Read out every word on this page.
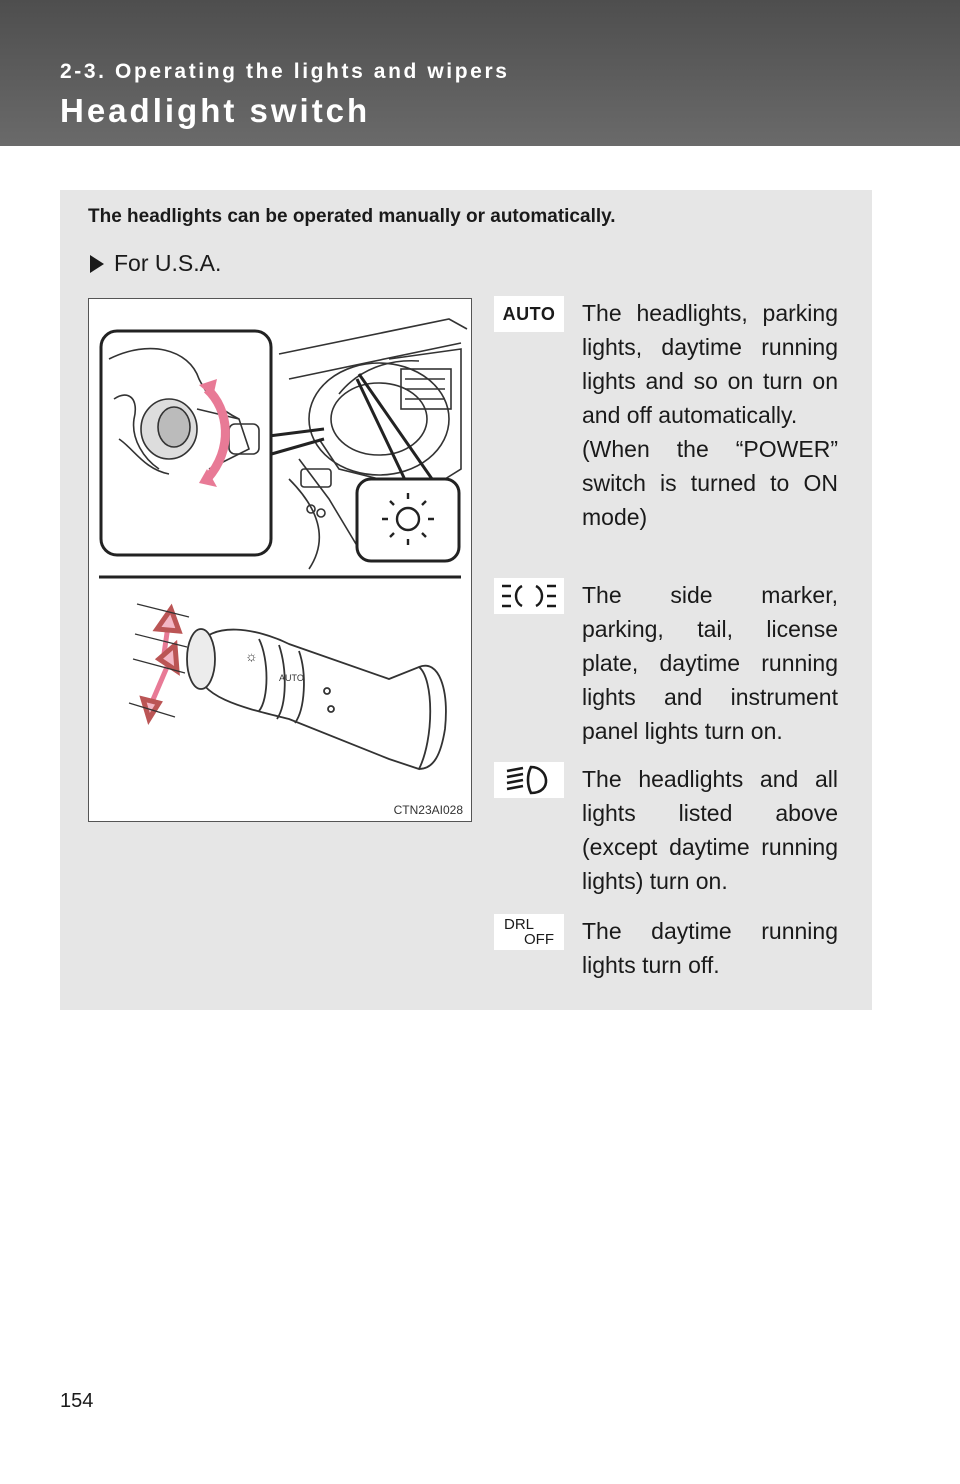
2-3. Operating the lights and wipers
Headlight switch
The headlights can be operated manually or automatically.
For U.S.A.
☼
AUTO
CTN23AI028
AUTO The headlights, parking lights, daytime running lights and so on turn on and off automatically.

(When the “POWER” switch is turned to ON mode)

The side marker, parking, tail, license plate, daytime running lights and instrument panel lights turn on.
The headlights and all lights listed above (except daytime running lights) turn on.
DRL
OFF The daytime running lights turn off.
154
